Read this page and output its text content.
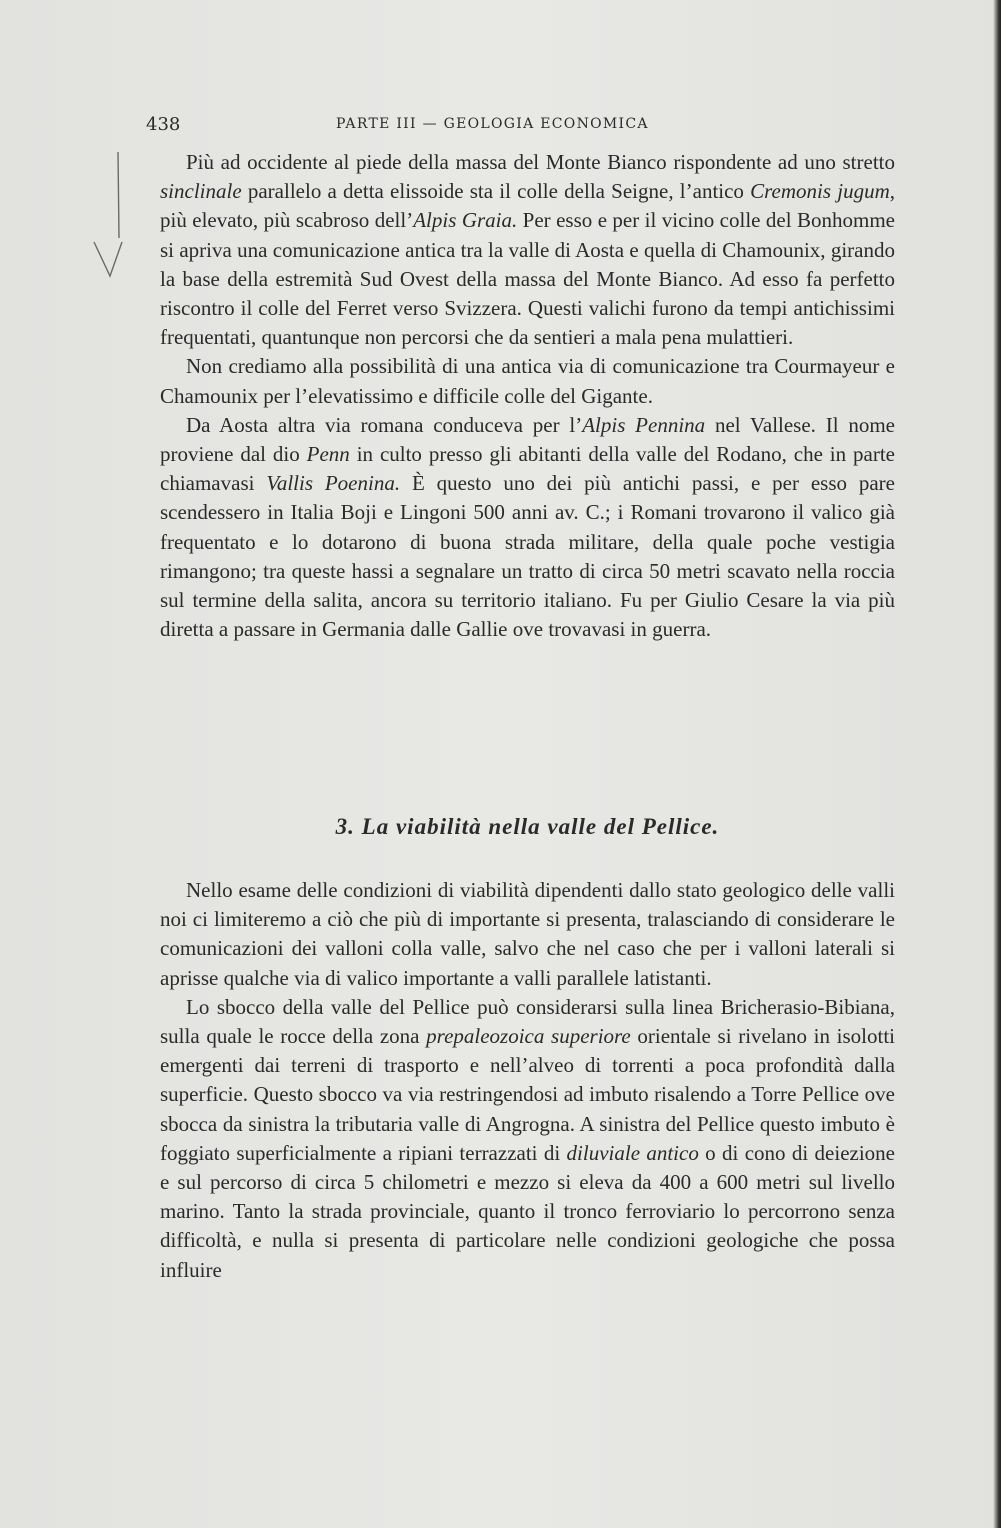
438	PARTE III — GEOLOGIA ECONOMICA

Più ad occidente al piede della massa del Monte Bianco rispondente ad uno stretto sinclinale parallelo a detta elissoide sta il colle della Seigne, l’antico Cremonis jugum, più elevato, più scabroso dell’Alpis Graia. Per esso e per il vicino colle del Bonhomme si apriva una comunicazione antica tra la valle di Aosta e quella di Chamounix, girando la base della estremità Sud Ovest della massa del Monte Bianco. Ad esso fa perfetto riscontro il colle del Ferret verso Svizzera. Questi valichi furono da tempi antichissimi frequentati, quantunque non percorsi che da sentieri a mala pena mulattieri.

Non crediamo alla possibilità di una antica via di comunicazione tra Courmayeur e Chamounix per l’elevatissimo e difficile colle del Gigante.

Da Aosta altra via romana conduceva per l’Alpis Pennina nel Vallese. Il nome proviene dal dio Penn in culto presso gli abitanti della valle del Rodano, che in parte chiamavasi Vallis Poenina. È questo uno dei più antichi passi, e per esso pare scendessero in Italia Boji e Lingoni 500 anni av. C.; i Romani trovarono il valico già frequentato e lo dotarono di buona strada militare, della quale poche vestigia rimangono; tra queste hassi a segnalare un tratto di circa 50 metri scavato nella roccia sul termine della salita, ancora su territorio italiano. Fu per Giulio Cesare la via più diretta a passare in Germania dalle Gallie ove trovavasi in guerra.

3. La viabilità nella valle del Pellice.

Nello esame delle condizioni di viabilità dipendenti dallo stato geologico delle valli noi ci limiteremo a ciò che più di importante si presenta, tralasciando di considerare le comunicazioni dei valloni colla valle, salvo che nel caso che per i valloni laterali si aprisse qualche via di valico importante a valli parallele latistanti.

Lo sbocco della valle del Pellice può considerarsi sulla linea Bricherasio-Bibiana, sulla quale le rocce della zona prepaleozoica superiore orientale si rivelano in isolotti emergenti dai terreni di trasporto e nell’alveo di torrenti a poca profondità dalla superficie. Questo sbocco va via restringendosi ad imbuto risalendo a Torre Pellice ove sbocca da sinistra la tributaria valle di Angrogna. A sinistra del Pellice questo imbuto è foggiato superficialmente a ripiani terrazzati di diluviale antico o di cono di deiezione e sul percorso di circa 5 chilometri e mezzo si eleva da 400 a 600 metri sul livello marino. Tanto la strada provinciale, quanto il tronco ferroviario lo percorrono senza difficoltà, e nulla si presenta di particolare nelle condizioni geologiche che possa influire
